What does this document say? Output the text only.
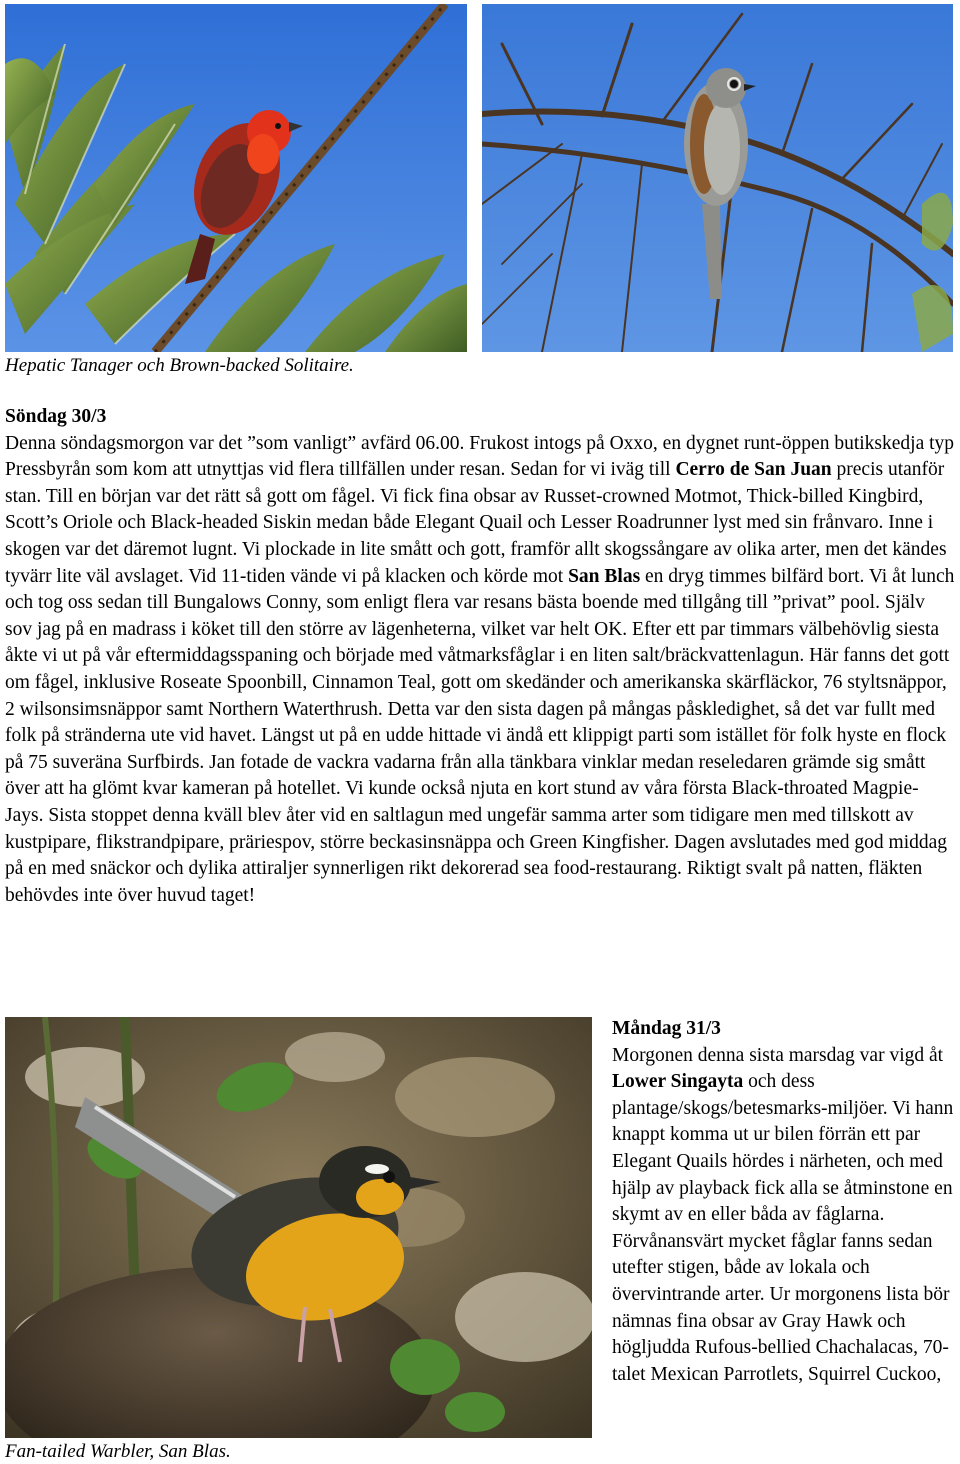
Hepatic Tanager och Brown-backed Solitaire.

Söndag 30/3

Denna söndagsmorgon var det ”som vanligt” avfärd 06.00. Frukost intogs på Oxxo, en dygnet runt-öppen butikskedja typ Pressbyrån som kom att utnyttjas vid flera tillfällen under resan. Sedan for vi iväg till Cerro de San Juan precis utanför stan. Till en början var det rätt så gott om fågel. Vi fick fina obsar av Russet-crowned Motmot, Thick-billed Kingbird, Scott’s Oriole och Black-headed Siskin medan både Elegant Quail och Lesser Roadrunner lyst med sin frånvaro. Inne i skogen var det däremot lugnt. Vi plockade in lite smått och gott, framför allt skogssångare av olika arter, men det kändes tyvärr lite väl avslaget. Vid 11-tiden vände vi på klacken och körde mot San Blas en dryg timmes bilfärd bort. Vi åt lunch och tog oss sedan till Bungalows Conny, som enligt flera var resans bästa boende med tillgång till ”privat” pool. Själv sov jag på en madrass i köket till den större av lägenheterna, vilket var helt OK. Efter ett par timmars välbehövlig siesta åkte vi ut på vår eftermiddagsspaning och började med våtmarksfåglar i en liten salt/bräckvattenlagun. Här fanns det gott om fågel, inklusive Roseate Spoonbill, Cinnamon Teal, gott om skedänder och amerikanska skärfläckor, 76 styltsnäppor, 2 wilsonsimsnäppor samt Northern Waterthrush. Detta var den sista dagen på mångas påskledighet, så det var fullt med folk på stränderna ute vid havet. Längst ut på en udde hittade vi ändå ett klippigt parti som istället för folk hyste en flock på 75 suveräna Surfbirds. Jan fotade de vackra vadarna från alla tänkbara vinklar medan reseledaren grämde sig smått över att ha glömt kvar kameran på hotellet. Vi kunde också njuta en kort stund av våra första Black-throated Magpie-Jays. Sista stoppet denna kväll blev åter vid en saltlagun med ungefär samma arter som tidigare men med tillskott av kustpipare, flikstrandpipare, präriespov, större beckasinsnäppa och Green Kingfisher. Dagen avslutades med god middag på en med snäckor och dylika attiraljer synnerligen rikt dekorerad sea food-restaurang. Riktigt svalt på natten, fläkten behövdes inte över huvud taget!

Fan-tailed Warbler, San Blas.

Måndag 31/3

Morgonen denna sista marsdag var vigd åt Lower Singayta och dess plantage/skogs/betesmarks-miljöer. Vi hann knappt komma ut ur bilen förrän ett par Elegant Quails hördes i närheten, och med hjälp av playback fick alla se åtminstone en skymt av en eller båda av fåglarna. Förvånansvärt mycket fåglar fanns sedan utefter stigen, både av lokala och övervintrande arter. Ur morgonens lista bör nämnas fina obsar av Gray Hawk och högljudda Rufous-bellied Chachalacas, 70-talet Mexican Parrotlets, Squirrel Cuckoo,
